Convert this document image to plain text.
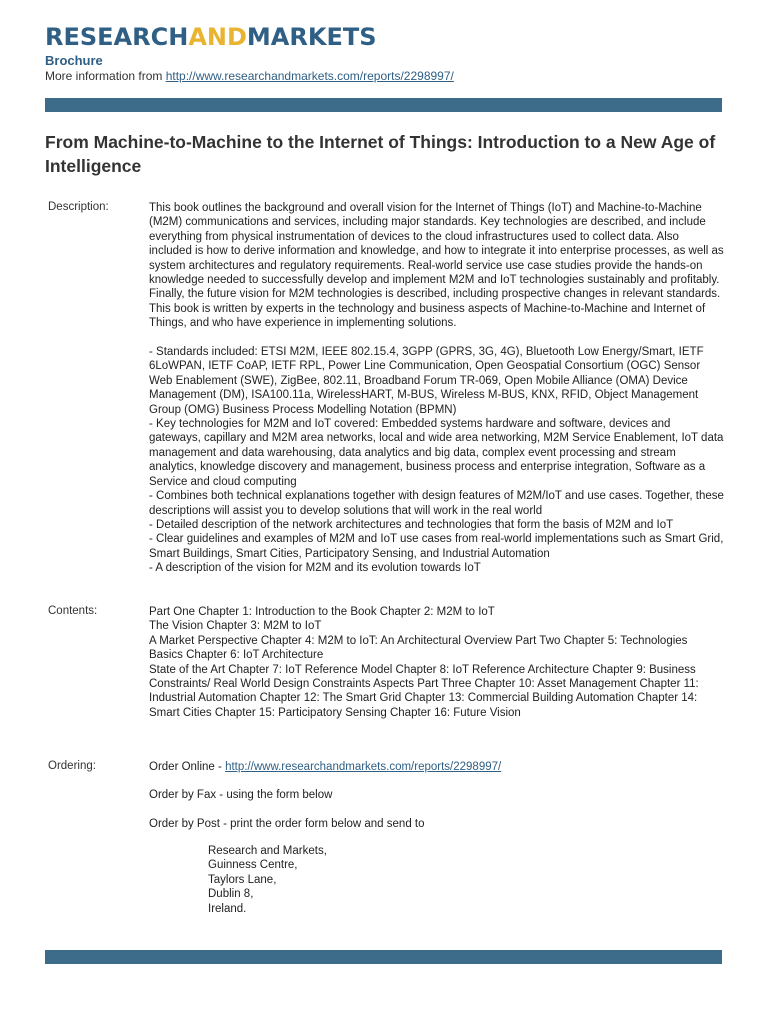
RESEARCHANDMARKETS
Brochure
More information from http://www.researchandmarkets.com/reports/2298997/
From Machine-to-Machine to the Internet of Things: Introduction to a New Age of Intelligence
Description:	This book outlines the background and overall vision for the Internet of Things (IoT) and Machine-to-Machine (M2M) communications and services, including major standards. Key technologies are described, and include everything from physical instrumentation of devices to the cloud infrastructures used to collect data. Also included is how to derive information and knowledge, and how to integrate it into enterprise processes, as well as system architectures and regulatory requirements. Real-world service use case studies provide the hands-on knowledge needed to successfully develop and implement M2M and IoT technologies sustainably and profitably. Finally, the future vision for M2M technologies is described, including prospective changes in relevant standards. This book is written by experts in the technology and business aspects of Machine-to-Machine and Internet of Things, and who have experience in implementing solutions.

- Standards included: ETSI M2M, IEEE 802.15.4, 3GPP (GPRS, 3G, 4G), Bluetooth Low Energy/Smart, IETF 6LoWPAN, IETF CoAP, IETF RPL, Power Line Communication, Open Geospatial Consortium (OGC) Sensor Web Enablement (SWE), ZigBee, 802.11, Broadband Forum TR-069, Open Mobile Alliance (OMA) Device Management (DM), ISA100.11a, WirelessHART, M-BUS, Wireless M-BUS, KNX, RFID, Object Management Group (OMG) Business Process Modelling Notation (BPMN)

- Key technologies for M2M and IoT covered: Embedded systems hardware and software, devices and gateways, capillary and M2M area networks, local and wide area networking, M2M Service Enablement, IoT data management and data warehousing, data analytics and big data, complex event processing and stream analytics, knowledge discovery and management, business process and enterprise integration, Software as a Service and cloud computing

- Combines both technical explanations together with design features of M2M/IoT and use cases. Together, these descriptions will assist you to develop solutions that will work in the real world

- Detailed description of the network architectures and technologies that form the basis of M2M and IoT

- Clear guidelines and examples of M2M and IoT use cases from real-world implementations such as Smart Grid, Smart Buildings, Smart Cities, Participatory Sensing, and Industrial Automation

- A description of the vision for M2M and its evolution towards IoT

Contents:	Part One Chapter 1: Introduction to the Book Chapter 2: M2M to IoT

The Vision Chapter 3: M2M to IoT

A Market Perspective Chapter 4: M2M to IoT: An Architectural Overview Part Two Chapter 5: Technologies Basics Chapter 6: IoT Architecture

State of the Art Chapter 7: IoT Reference Model Chapter 8: IoT Reference Architecture Chapter 9: Business Constraints/ Real World Design Constraints Aspects Part Three Chapter 10: Asset Management Chapter 11: Industrial Automation Chapter 12: The Smart Grid Chapter 13: Commercial Building Automation Chapter 14: Smart Cities Chapter 15: Participatory Sensing Chapter 16: Future Vision

Ordering:	Order Online - http://www.researchandmarkets.com/reports/2298997/
Order by Fax - using the form below
Order by Post - print the order form below and send to
Research and Markets,
Guinness Centre,
Taylors Lane,
Dublin 8,
Ireland.
